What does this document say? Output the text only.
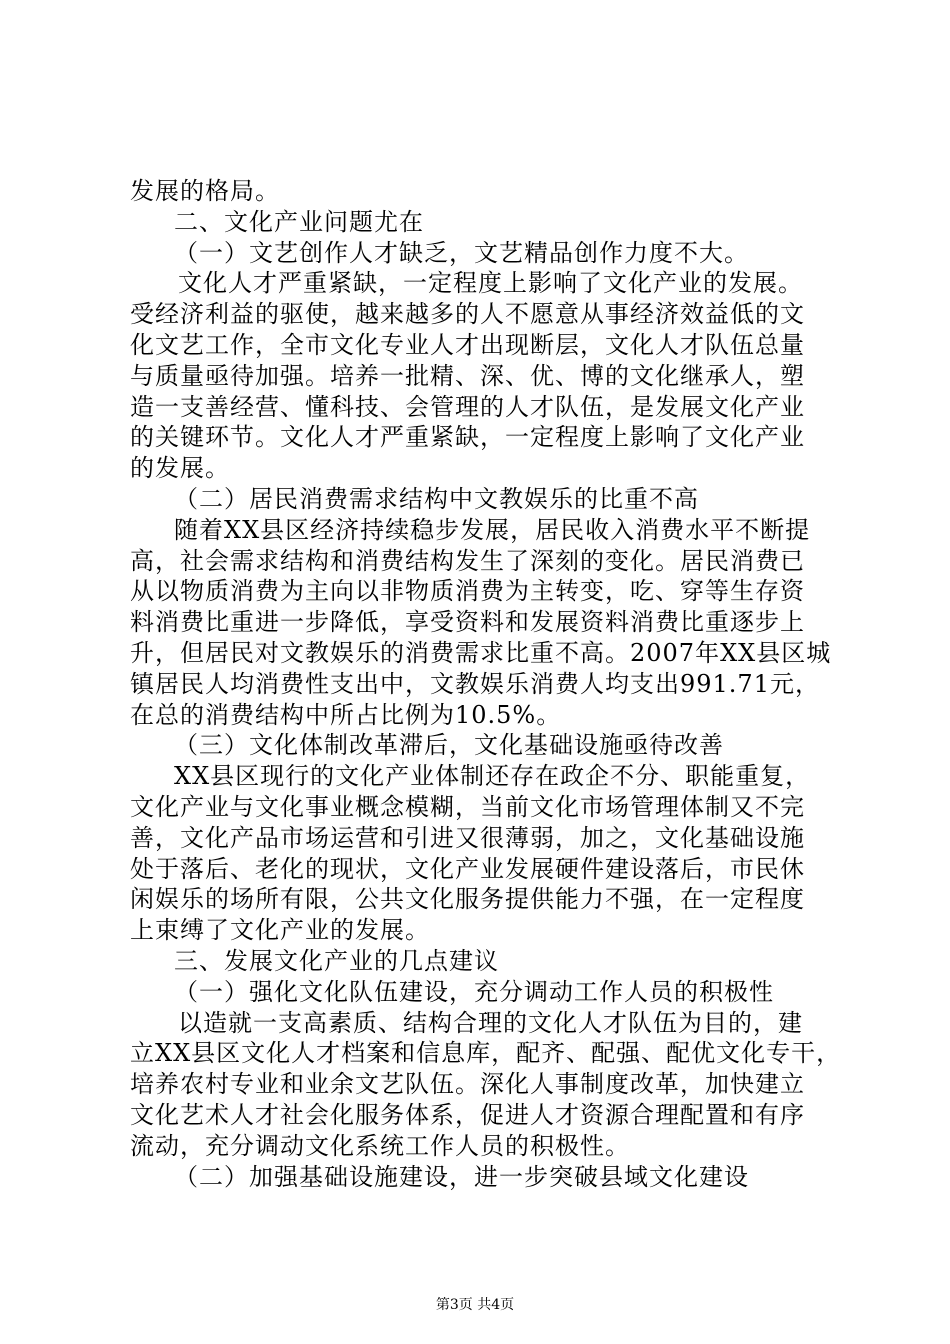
发展的格局。
二、文化产业问题尤在
（一）文艺创作人才缺乏，文艺精品创作力度不大。
文化人才严重紧缺，一定程度上影响了文化产业的发展。
受经济利益的驱使，越来越多的人不愿意从事经济效益低的文
化文艺工作，全市文化专业人才出现断层，文化人才队伍总量
与质量亟待加强。培养一批精、深、优、博的文化继承人，塑
造一支善经营、懂科技、会管理的人才队伍，是发展文化产业
的关键环节。文化人才严重紧缺，一定程度上影响了文化产业
的发展。
（二）居民消费需求结构中文教娱乐的比重不高
随着XX县区经济持续稳步发展，居民收入消费水平不断提
高，社会需求结构和消费结构发生了深刻的变化。居民消费已
从以物质消费为主向以非物质消费为主转变，吃、穿等生存资
料消费比重进一步降低，享受资料和发展资料消费比重逐步上
升，但居民对文教娱乐的消费需求比重不高。2007年XX县区城
镇居民人均消费性支出中，文教娱乐消费人均支出991.71元，
在总的消费结构中所占比例为10.5%。
（三）文化体制改革滞后，文化基础设施亟待改善
XX县区现行的文化产业体制还存在政企不分、职能重复，
文化产业与文化事业概念模糊，当前文化市场管理体制又不完
善，文化产品市场运营和引进又很薄弱，加之，文化基础设施
处于落后、老化的现状，文化产业发展硬件建设落后，市民休
闲娱乐的场所有限，公共文化服务提供能力不强，在一定程度
上束缚了文化产业的发展。
三、发展文化产业的几点建议
（一）强化文化队伍建设，充分调动工作人员的积极性
以造就一支高素质、结构合理的文化人才队伍为目的，建
立XX县区文化人才档案和信息库，配齐、配强、配优文化专干，
培养农村专业和业余文艺队伍。深化人事制度改革，加快建立
文化艺术人才社会化服务体系，促进人才资源合理配置和有序
流动，充分调动文化系统工作人员的积极性。
（二）加强基础设施建设，进一步突破县域文化建设
第3页 共4页
